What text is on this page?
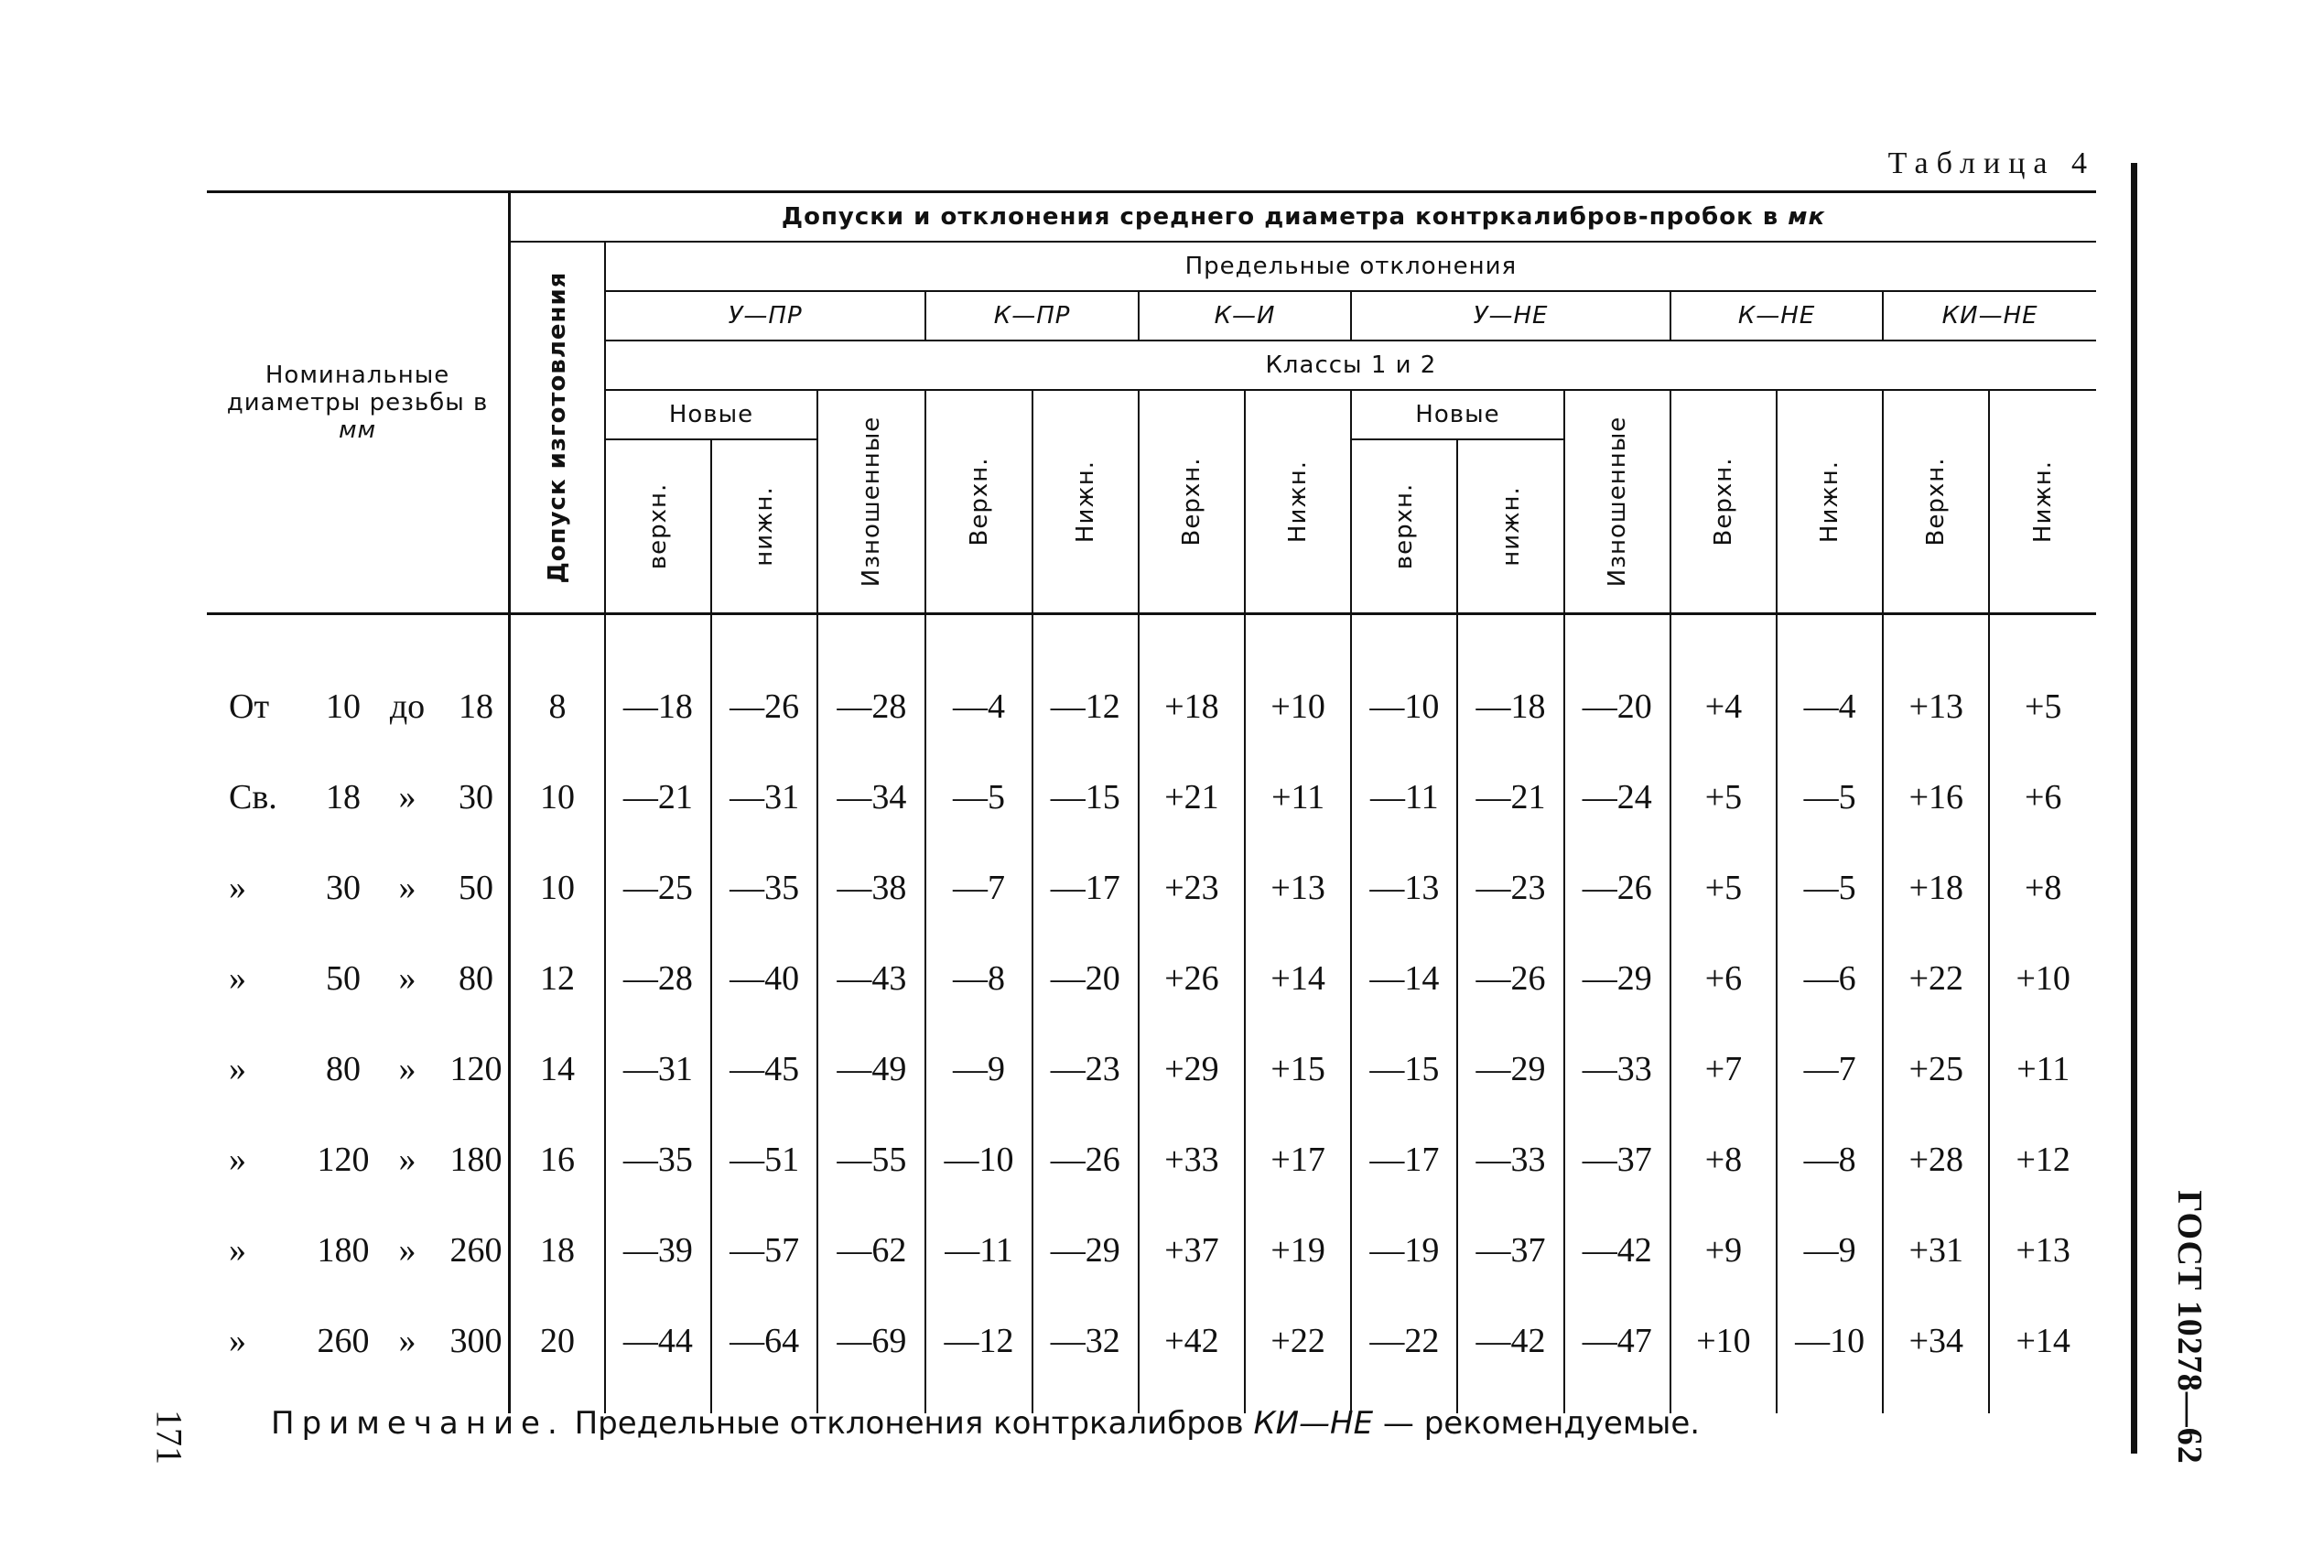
Таблица 4
ГОСТ 10278—62
171
Номинальные диаметры резьбы в мм	Допуски и отклонения среднего диаметра контркалибров-пробок в мк														

	Допуск изготовления	Предельные отклонения													
		У—ПР			К—ПР		К—И		У—НЕ			К—НЕ		КИ—НЕ	
		Классы 1 и 2													
		Новые		Изношенные	Верхн.	Нижн.	Верхн.	Нижн.	Новые		Изношенные	Верхн.	Нижн.	Верхн.	Нижн.

		верхн.	нижн.						верхн.	нижн.					

От 10 до 18	8	—18	—26	—28	—4	—12	+18	+10	—10	—18	—20	+4	—4	+13	+5

Св. 18 » 30	10	—21	—31	—34	—5	—15	+21	+11	—11	—21	—24	+5	—5	+16	+6

» 30 » 50	10	—25	—35	—38	—7	—17	+23	+13	—13	—23	—26	+5	—5	+18	+8

» 50 » 80	12	—28	—40	—43	—8	—20	+26	+14	—14	—26	—29	+6	—6	+22	+10

» 80 » 120	14	—31	—45	—49	—9	—23	+29	+15	—15	—29	—33	+7	—7	+25	+11

» 120 » 180	16	—35	—51	—55	—10	—26	+33	+17	—17	—33	—37	+8	—8	+28	+12

» 180 » 260	18	—39	—57	—62	—11	—29	+37	+19	—19	—37	—42	+9	—9	+31	+13

» 260 » 300	20	—44	—64	—69	—12	—32	+42	+22	—22	—42	—47	+10	—10	+34	+14
Примечание. Предельные отклонения контркалибров КИ—НЕ — рекомендуемые.
